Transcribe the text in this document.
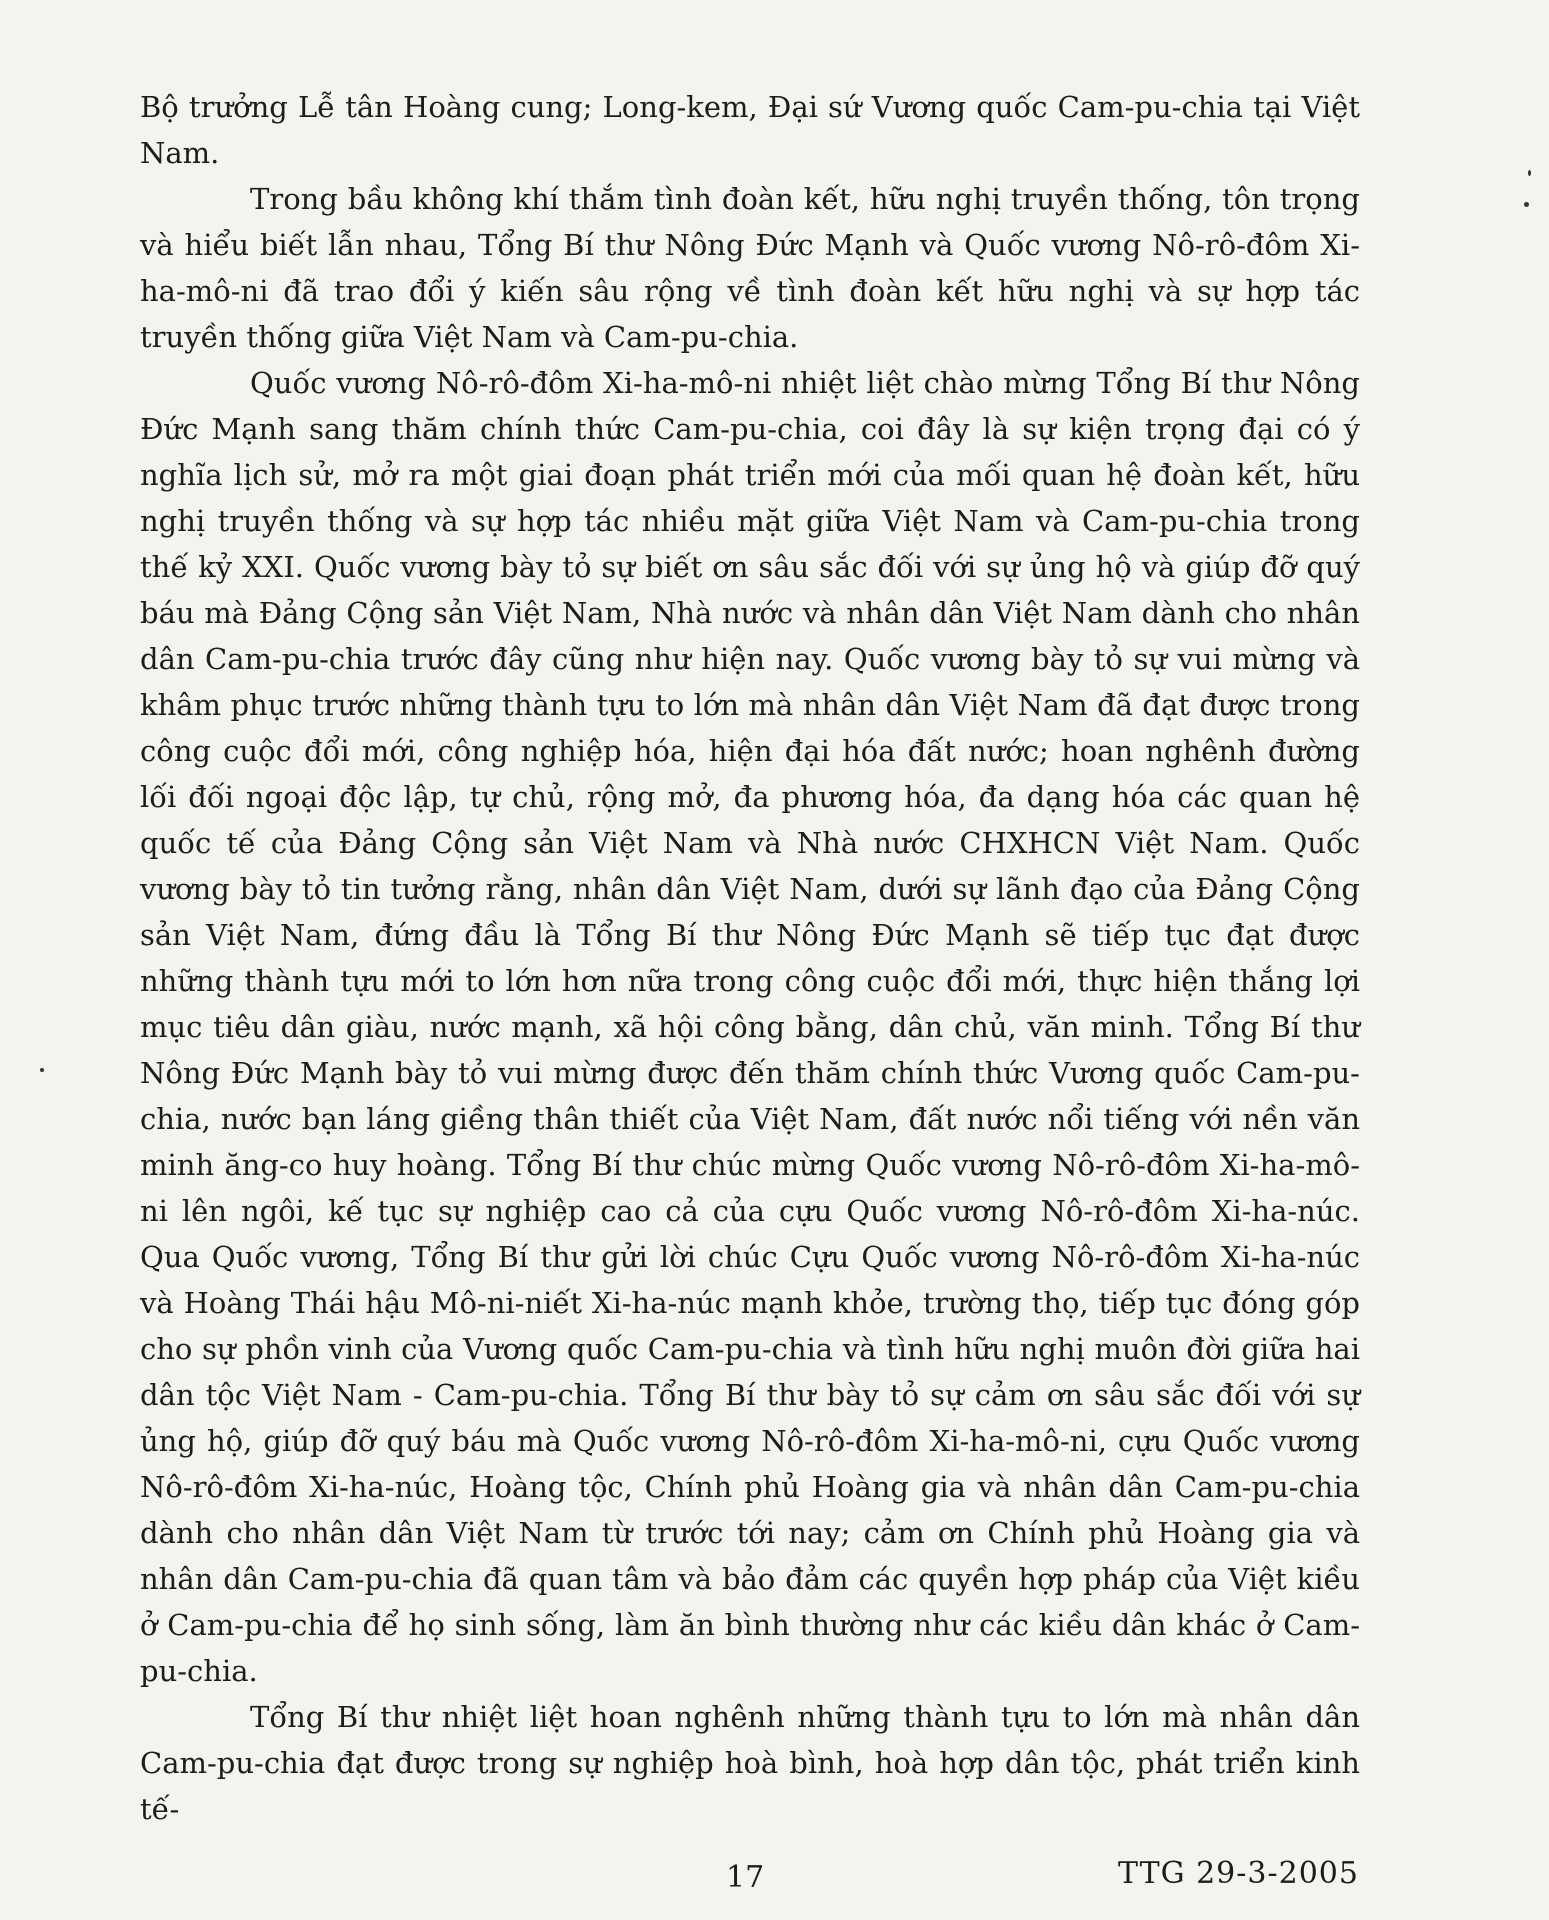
Bộ trưởng Lễ tân Hoàng cung; Long-kem, Đại sứ Vương quốc Cam-pu-chia tại Việt Nam.

Trong bầu không khí thắm tình đoàn kết, hữu nghị truyền thống, tôn trọng và hiểu biết lẫn nhau, Tổng Bí thư Nông Đức Mạnh và Quốc vương Nô-rô-đôm Xi-ha-mô-ni đã trao đổi ý kiến sâu rộng về tình đoàn kết hữu nghị và sự hợp tác truyền thống giữa Việt Nam và Cam-pu-chia.

Quốc vương Nô-rô-đôm Xi-ha-mô-ni nhiệt liệt chào mừng Tổng Bí thư Nông Đức Mạnh sang thăm chính thức Cam-pu-chia, coi đây là sự kiện trọng đại có ý nghĩa lịch sử, mở ra một giai đoạn phát triển mới của mối quan hệ đoàn kết, hữu nghị truyền thống và sự hợp tác nhiều mặt giữa Việt Nam và Cam-pu-chia trong thế kỷ XXI. Quốc vương bày tỏ sự biết ơn sâu sắc đối với sự ủng hộ và giúp đỡ quý báu mà Đảng Cộng sản Việt Nam, Nhà nước và nhân dân Việt Nam dành cho nhân dân Cam-pu-chia trước đây cũng như hiện nay. Quốc vương bày tỏ sự vui mừng và khâm phục trước những thành tựu to lớn mà nhân dân Việt Nam đã đạt được trong công cuộc đổi mới, công nghiệp hóa, hiện đại hóa đất nước; hoan nghênh đường lối đối ngoại độc lập, tự chủ, rộng mở, đa phương hóa, đa dạng hóa các quan hệ quốc tế của Đảng Cộng sản Việt Nam và Nhà nước CHXHCN Việt Nam. Quốc vương bày tỏ tin tưởng rằng, nhân dân Việt Nam, dưới sự lãnh đạo của Đảng Cộng sản Việt Nam, đứng đầu là Tổng Bí thư Nông Đức Mạnh sẽ tiếp tục đạt được những thành tựu mới to lớn hơn nữa trong công cuộc đổi mới, thực hiện thắng lợi mục tiêu dân giàu, nước mạnh, xã hội công bằng, dân chủ, văn minh. Tổng Bí thư Nông Đức Mạnh bày tỏ vui mừng được đến thăm chính thức Vương quốc Cam-pu-chia, nước bạn láng giềng thân thiết của Việt Nam, đất nước nổi tiếng với nền văn minh ăng-co huy hoàng. Tổng Bí thư chúc mừng Quốc vương Nô-rô-đôm Xi-ha-mô-ni lên ngôi, kế tục sự nghiệp cao cả của cựu Quốc vương Nô-rô-đôm Xi-ha-núc. Qua Quốc vương, Tổng Bí thư gửi lời chúc Cựu Quốc vương Nô-rô-đôm Xi-ha-núc và Hoàng Thái hậu Mô-ni-niết Xi-ha-núc mạnh khỏe, trường thọ, tiếp tục đóng góp cho sự phồn vinh của Vương quốc Cam-pu-chia và tình hữu nghị muôn đời giữa hai dân tộc Việt Nam - Cam-pu-chia. Tổng Bí thư bày tỏ sự cảm ơn sâu sắc đối với sự ủng hộ, giúp đỡ quý báu mà Quốc vương Nô-rô-đôm Xi-ha-mô-ni, cựu Quốc vương Nô-rô-đôm Xi-ha-núc, Hoàng tộc, Chính phủ Hoàng gia và nhân dân Cam-pu-chia dành cho nhân dân Việt Nam từ trước tới nay; cảm ơn Chính phủ Hoàng gia và nhân dân Cam-pu-chia đã quan tâm và bảo đảm các quyền hợp pháp của Việt kiều ở Cam-pu-chia để họ sinh sống, làm ăn bình thường như các kiều dân khác ở Cam-pu-chia.

Tổng Bí thư nhiệt liệt hoan nghênh những thành tựu to lớn mà nhân dân Cam-pu-chia đạt được trong sự nghiệp hoà bình, hoà hợp dân tộc, phát triển kinh tế-

17	TTG 29-3-2005
